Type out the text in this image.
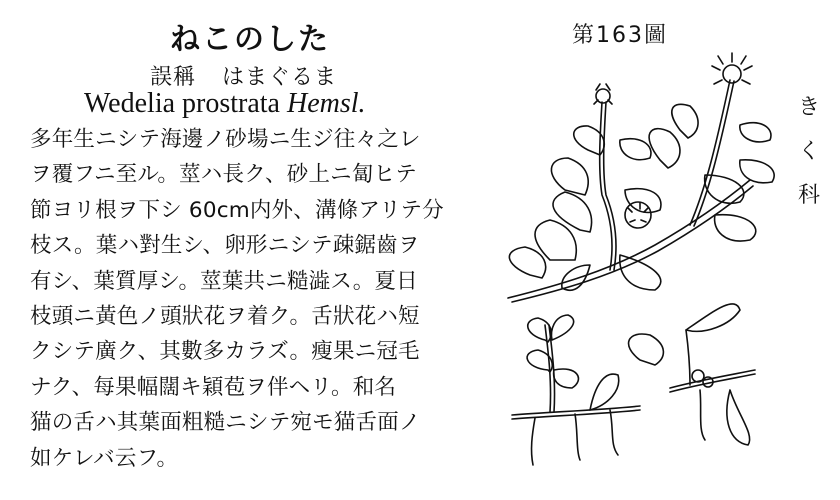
ねこのした
誤稱 はまぐるま
Wedelia prostrata Hemsl.
多年生ニシテ海邊ノ砂場ニ生ジ往々之レ
ヲ覆フニ至ル。莖ハ長ク、砂上ニ匐ヒテ
節ヨリ根ヲ下シ 60cm内外、溝條アリテ分
枝ス。葉ハ對生シ、卵形ニシテ疎鋸齒ヲ
有シ、葉質厚シ。莖葉共ニ糙澁ス。夏日
枝頭ニ黃色ノ頭狀花ヲ着ク。舌狀花ハ短
クシテ廣ク、其數多カラズ。瘦果ニ冠毛
ナク、每果幅闊キ穎苞ヲ伴ヘリ。和名
猫の舌ハ其葉面粗糙ニシテ宛モ猫舌面ノ
如ケレバ云フ。
第163圖
き
く
科
